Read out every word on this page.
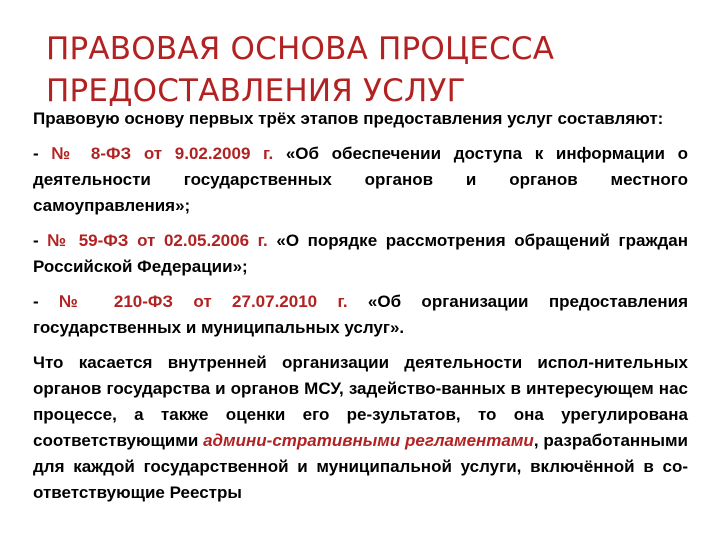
ПРАВОВАЯ ОСНОВА ПРОЦЕССА
ПРЕДОСТАВЛЕНИЯ УСЛУГ

Правовую основу первых трёх этапов предоставления услуг составляют:

- № 8-ФЗ от 9.02.2009 г. «Об обеспечении доступа к информации о деятельности государственных органов и органов местного самоуправления»;

- № 59-ФЗ от 02.05.2006 г. «О порядке рассмотрения обращений граждан Российской Федерации»;

- № 210-ФЗ от 27.07.2010 г. «Об организации предоставления государственных и муниципальных услуг».

Что касается внутренней организации деятельности испол-нительных органов государства и органов МСУ, задейство-ванных в интересующем нас процессе, а также оценки его ре-зультатов, то она урегулирована соответствующими админи-стративными регламентами, разработанными для каждой государственной и муниципальной услуги, включённой в со-ответствующие Реестры
